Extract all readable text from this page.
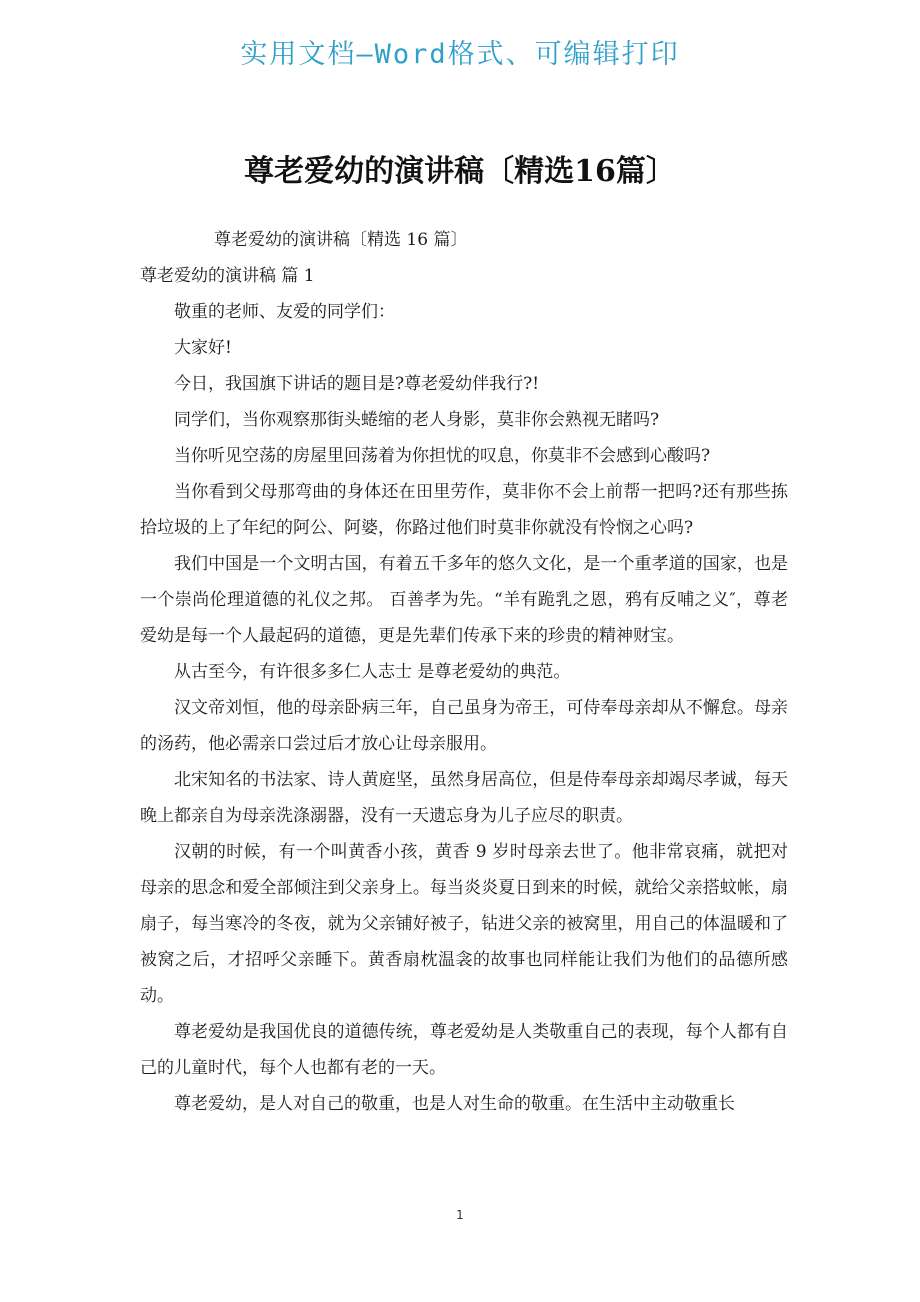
实用文档—Word格式、可编辑打印
尊老爱幼的演讲稿〔精选16篇〕

尊老爱幼的演讲稿〔精选 16 篇〕

尊老爱幼的演讲稿 篇 1

敬重的老师、友爱的同学们：

大家好!

今日，我国旗下讲话的题目是?尊老爱幼伴我行?!

同学们，当你观察那街头蜷缩的老人身影，莫非你会熟视无睹吗?

当你听见空荡的房屋里回荡着为你担忧的叹息，你莫非不会感到心酸吗?

当你看到父母那弯曲的身体还在田里劳作，莫非你不会上前帮一把吗?还有那些拣拾垃圾的上了年纪的阿公、阿婆，你路过他们时莫非你就没有怜悯之心吗?

我们中国是一个文明古国，有着五千多年的悠久文化，是一个重孝道的国家，也是一个崇尚伦理道德的礼仪之邦。 百善孝为先。“羊有跪乳之恩，鸦有反哺之义″，尊老爱幼是每一个人最起码的道德，更是先辈们传承下来的珍贵的精神财宝。

从古至今，有许很多多仁人志士 是尊老爱幼的典范。

汉文帝刘恒，他的母亲卧病三年，自己虽身为帝王，可侍奉母亲却从不懈怠。母亲的汤药，他必需亲口尝过后才放心让母亲服用。

北宋知名的书法家、诗人黄庭坚，虽然身居高位，但是侍奉母亲却竭尽孝诚，每天晚上都亲自为母亲洗涤溺器，没有一天遗忘身为儿子应尽的职责。

汉朝的时候，有一个叫黄香小孩，黄香 9 岁时母亲去世了。他非常哀痛，就把对母亲的思念和爱全部倾注到父亲身上。每当炎炎夏日到来的时候，就给父亲搭蚊帐，扇扇子，每当寒冷的冬夜，就为父亲铺好被子，钻进父亲的被窝里，用自己的体温暖和了被窝之后，才招呼父亲睡下。黄香扇枕温衾的故事也同样能让我们为他们的品德所感动。

尊老爱幼是我国优良的道德传统，尊老爱幼是人类敬重自己的表现，每个人都有自己的儿童时代，每个人也都有老的一天。

尊老爱幼，是人对自己的敬重，也是人对生命的敬重。在生活中主动敬重长

1
